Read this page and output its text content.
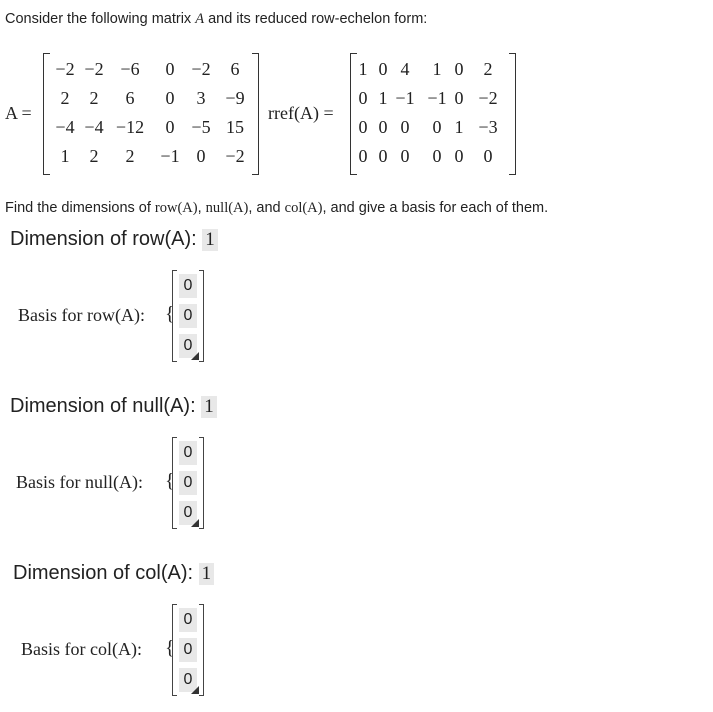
Consider the following matrix A and its reduced row-echelon form:
A =
−2 −2 −6	0 −2	6
2	2	6	0	3	−9
−4 −4 −12	0 −5 15
1	2	2	−1 0	−2
rref(A) =
1 0 4	1 0	2
0 1 −1 −1 0 −2
0 0 0	0 1 −3
0 0 0	0 0	0
Find the dimensions of row(A), null(A), and col(A), and give a basis for each of them.
Dimension of row(A): 1
Basis for row(A): {
0
0
0
Dimension of null(A): 1
Basis for null(A): {
0
0
0
Dimension of col(A): 1
Basis for col(A): {
0
0
0
